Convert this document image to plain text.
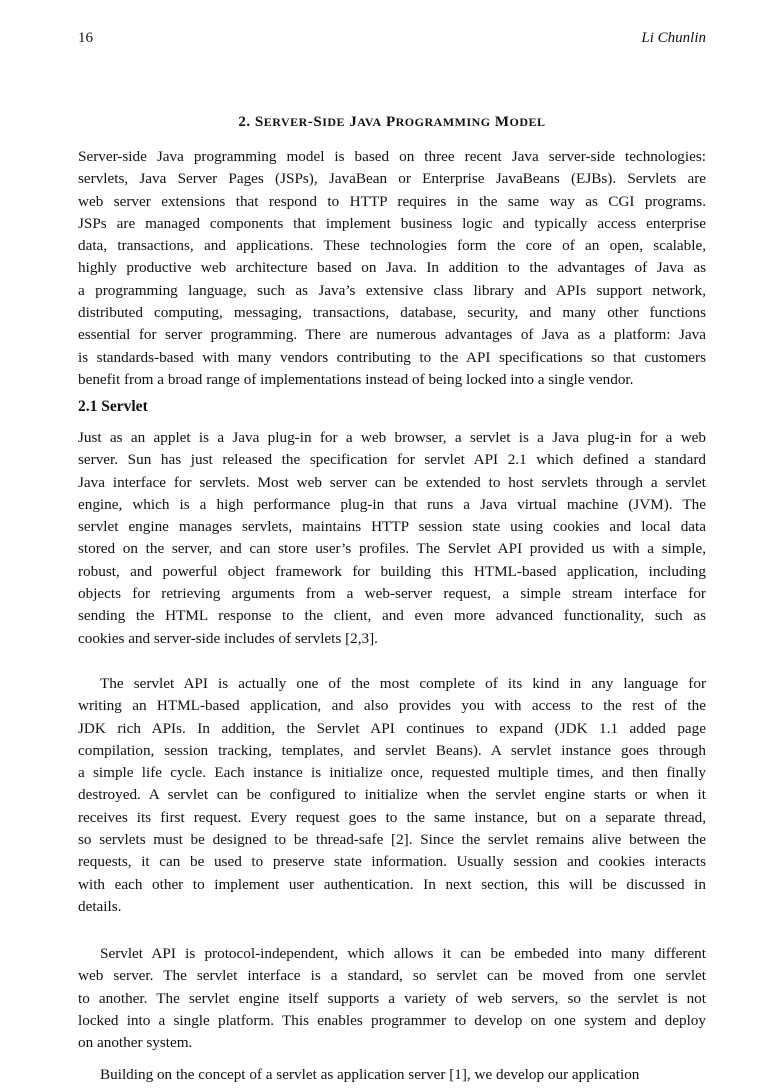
16	Li Chunlin
2. SERVER-SIDE JAVA PROGRAMMING MODEL
2.1 Servlet
Server-side Java programming model is based on three recent Java server-side technologies:
servlets, Java Server Pages (JSPs), JavaBean or Enterprise JavaBeans (EJBs). Servlets are
web server extensions that respond to HTTP requires in the same way as CGI programs.
JSPs are managed components that implement business logic and typically access enterprise
data, transactions, and applications. These technologies form the core of an open, scalable,
highly productive web architecture based on Java. In addition to the advantages of Java as
a programming language, such as Java’s extensive class library and APIs support network,
distributed computing, messaging, transactions, database, security, and many other functions
essential for server programming. There are numerous advantages of Java as a platform: Java
is standards-based with many vendors contributing to the API specifications so that customers
benefit from a broad range of implementations instead of being locked into a single vendor.
Just as an applet is a Java plug-in for a web browser, a servlet is a Java plug-in for a web
server. Sun has just released the specification for servlet API 2.1 which defined a standard
Java interface for servlets. Most web server can be extended to host servlets through a servlet
engine, which is a high performance plug-in that runs a Java virtual machine (JVM). The
servlet engine manages servlets, maintains HTTP session state using cookies and local data
stored on the server, and can store user’s profiles. The Servlet API provided us with a simple,
robust, and powerful object framework for building this HTML-based application, including
objects for retrieving arguments from a web-server request, a simple stream interface for
sending the HTML response to the client, and even more advanced functionality, such as
cookies and server-side includes of servlets [2,3].
The servlet API is actually one of the most complete of its kind in any language for
writing an HTML-based application, and also provides you with access to the rest of the
JDK rich APIs. In addition, the Servlet API continues to expand (JDK 1.1 added page
compilation, session tracking, templates, and servlet Beans). A servlet instance goes through
a simple life cycle. Each instance is initialize once, requested multiple times, and then finally
destroyed. A servlet can be configured to initialize when the servlet engine starts or when it
receives its first request. Every request goes to the same instance, but on a separate thread,
so servlets must be designed to be thread-safe [2]. Since the servlet remains alive between the
requests, it can be used to preserve state information. Usually session and cookies interacts
with each other to implement user authentication. In next section, this will be discussed in
details.
Servlet API is protocol-independent, which allows it can be embeded into many different
web server. The servlet interface is a standard, so servlet can be moved from one servlet
to another. The servlet engine itself supports a variety of web servers, so the servlet is not
locked into a single platform. This enables programmer to develop on one system and deploy
on another system.
Building on the concept of a servlet as application server [1], we develop our application
